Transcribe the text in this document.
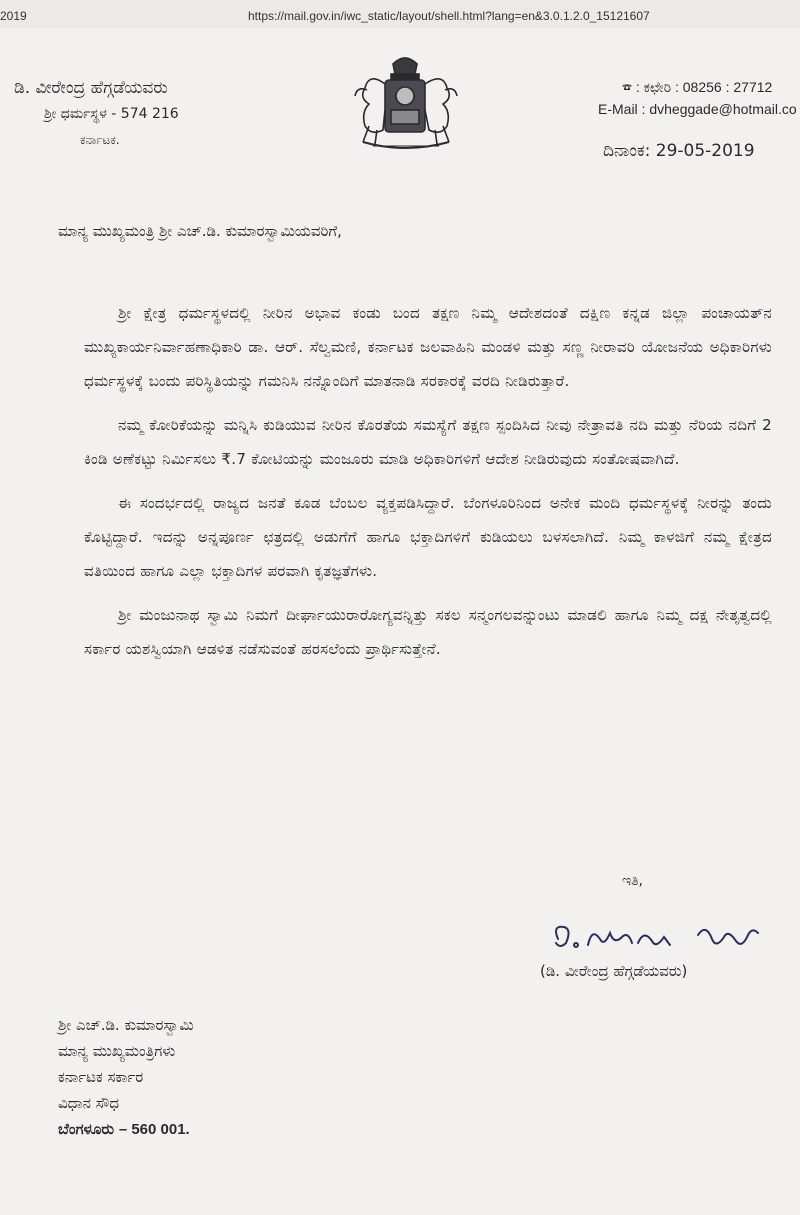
2019	https://mail.gov.in/iwc_static/layout/shell.html?lang=en&3.0.1.2.0_15121607
ಡಿ. ವೀರೇಂದ್ರ ಹೆಗ್ಗಡೆಯವರು
ಶ್ರೀ ಧರ್ಮಸ್ಥಳ - 574 216
ಕರ್ನಾಟಕ.
☎ : ಕಛೇರಿ : 08256 : 27712
E-Mail : dvheggade@hotmail.co
ದಿನಾಂಕ: 29-05-2019
ಮಾನ್ಯ ಮುಖ್ಯಮಂತ್ರಿ ಶ್ರೀ ಎಚ್.ಡಿ. ಕುಮಾರಸ್ವಾಮಿಯವರಿಗೆ,

ಶ್ರೀ ಕ್ಷೇತ್ರ ಧರ್ಮಸ್ಥಳದಲ್ಲಿ ನೀರಿನ ಅಭಾವ ಕಂಡು ಬಂದ ತಕ್ಷಣ ನಿಮ್ಮ ಆದೇಶದಂತೆ ದಕ್ಷಿಣ ಕನ್ನಡ ಜಿಲ್ಲಾ ಪಂಚಾಯತ್‌ನ ಮುಖ್ಯಕಾರ್ಯನಿರ್ವಾಹಣಾಧಿಕಾರಿ ಡಾ. ಆರ್. ಸೆಲ್ವಮಣಿ, ಕರ್ನಾಟಕ ಜಲವಾಹಿನಿ ಮಂಡಳಿ ಮತ್ತು ಸಣ್ಣ ನೀರಾವರಿ ಯೋಜನೆಯ ಅಧಿಕಾರಿಗಳು ಧರ್ಮಸ್ಥಳಕ್ಕೆ ಬಂದು ಪರಿಸ್ಥಿತಿಯನ್ನು ಗಮನಿಸಿ ನನ್ನೊಂದಿಗೆ ಮಾತನಾಡಿ ಸರಕಾರಕ್ಕೆ ವರದಿ ನೀಡಿರುತ್ತಾರೆ.

ನಮ್ಮ ಕೋರಿಕೆಯನ್ನು ಮನ್ನಿಸಿ ಕುಡಿಯುವ ನೀರಿನ ಕೊರತೆಯ ಸಮಸ್ಯೆಗೆ ತಕ್ಷಣ ಸ್ಪಂದಿಸಿದ ನೀವು ನೇತ್ರಾವತಿ ನದಿ ಮತ್ತು ನೆರಿಯ ನದಿಗೆ 2 ಕಿಂಡಿ ಅಣೆಕಟ್ಟು ನಿರ್ಮಿಸಲು ₹.7 ಕೋಟಿಯನ್ನು ಮಂಜೂರು ಮಾಡಿ ಅಧಿಕಾರಿಗಳಿಗೆ ಆದೇಶ ನೀಡಿರುವುದು ಸಂತೋಷವಾಗಿದೆ.

ಈ ಸಂದರ್ಭದಲ್ಲಿ ರಾಜ್ಯದ ಜನತೆ ಕೂಡ ಬೆಂಬಲ ವ್ಯಕ್ತಪಡಿಸಿದ್ದಾರೆ. ಬೆಂಗಳೂರಿನಿಂದ ಅನೇಕ ಮಂದಿ ಧರ್ಮಸ್ಥಳಕ್ಕೆ ನೀರನ್ನು ತಂದು ಕೊಟ್ಟಿದ್ದಾರೆ. ಇದನ್ನು ಅನ್ನಪೂರ್ಣ ಛತ್ರದಲ್ಲಿ ಅಡುಗೆಗೆ ಹಾಗೂ ಭಕ್ತಾದಿಗಳಿಗೆ ಕುಡಿಯಲು ಬಳಸಲಾಗಿದೆ. ನಿಮ್ಮ ಕಾಳಜಿಗೆ ನಮ್ಮ ಕ್ಷೇತ್ರದ ವತಿಯಿಂದ ಹಾಗೂ ಎಲ್ಲಾ ಭಕ್ತಾದಿಗಳ ಪರವಾಗಿ ಕೃತಜ್ಞತೆಗಳು.

ಶ್ರೀ ಮಂಜುನಾಥ ಸ್ವಾಮಿ ನಿಮಗೆ ದೀರ್ಘಾಯುರಾರೋಗ್ಯವನ್ನಿತ್ತು ಸಕಲ ಸನ್ಮಂಗಲವನ್ನುಂಟು ಮಾಡಲಿ ಹಾಗೂ ನಿಮ್ಮ ದಕ್ಷ ನೇತೃತ್ವದಲ್ಲಿ ಸರ್ಕಾರ ಯಶಸ್ವಿಯಾಗಿ ಆಡಳಿತ ನಡೆಸುವಂತೆ ಹರಸಲೆಂದು ಪ್ರಾರ್ಥಿಸುತ್ತೇನೆ.

ಇತಿ,
(ಡಿ. ವೀರೇಂದ್ರ ಹೆಗ್ಗಡೆಯವರು)
ಶ್ರೀ ಎಚ್.ಡಿ. ಕುಮಾರಸ್ವಾಮಿ
ಮಾನ್ಯ ಮುಖ್ಯಮಂತ್ರಿಗಳು
ಕರ್ನಾಟಕ ಸರ್ಕಾರ
ವಿಧಾನ ಸೌಧ
ಬೆಂಗಳೂರು – 560 001.
